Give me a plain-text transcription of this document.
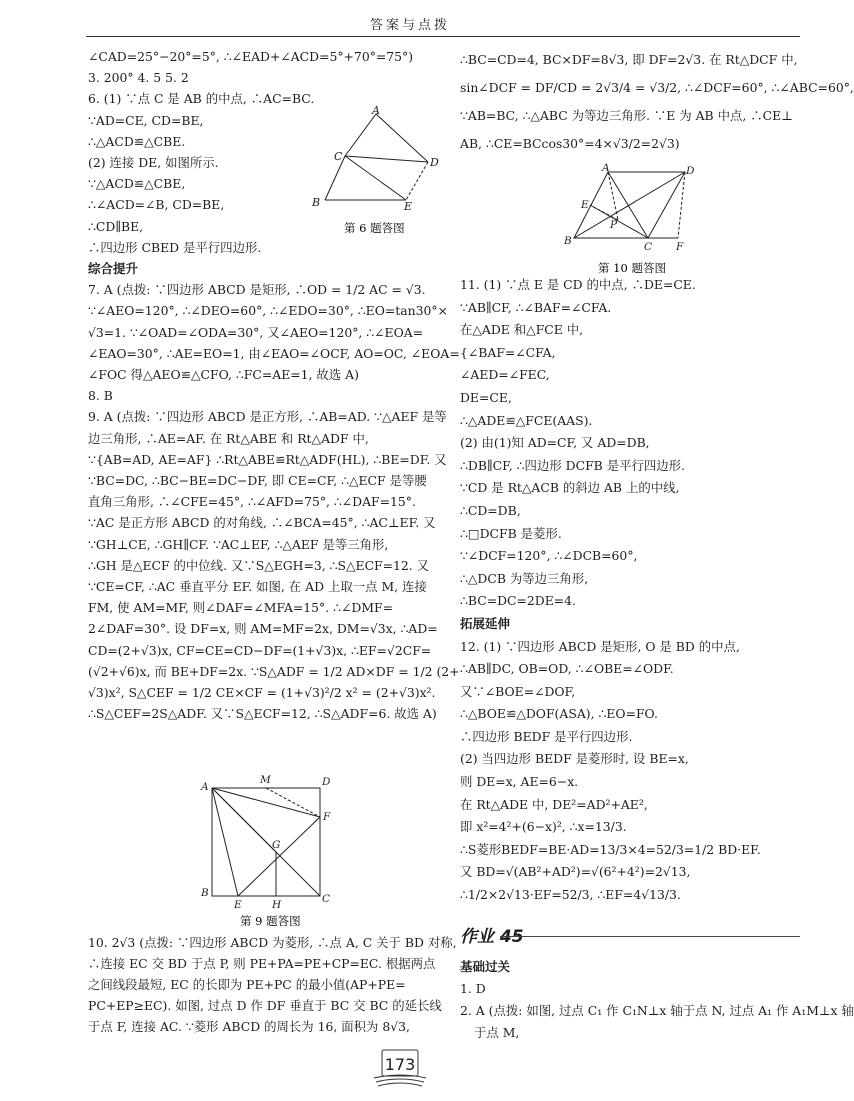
答案与点拨
∠CAD=25°−20°=5°, ∴∠EAD+∠ACD=5°+70°=75°)
3. 200° 4. 5 5. 2
6. (1) ∵点 C 是 AB 的中点, ∴AC=BC.
∵AD=CE, CD=BE,
∴△ACD≌△CBE.
(2) 连接 DE, 如图所示.
∵△ACD≌△CBE,
∴∠ACD=∠B, CD=BE,
∴CD∥BE,
∴四边形 CBED 是平行四边形.
综合提升
7. A (点拨: ∵四边形 ABCD 是矩形, ∴OD = 1/2 AC = √3.
∵∠AEO=120°, ∴∠DEO=60°, ∴∠EDO=30°, ∴EO=tan30°×
√3=1. ∵∠OAD=∠ODA=30°, 又∠AEO=120°, ∴∠EOA=
∠EAO=30°, ∴AE=EO=1, 由∠EAO=∠OCF, AO=OC, ∠EOA=
∠FOC 得△AEO≌△CFO, ∴FC=AE=1, 故选 A)
8. B
9. A (点拨: ∵四边形 ABCD 是正方形, ∴AB=AD. ∵△AEF 是等
边三角形, ∴AE=AF. 在 Rt△ABE 和 Rt△ADF 中,
∵{AB=AD, AE=AF} ∴Rt△ABE≌Rt△ADF(HL), ∴BE=DF. 又
∵BC=DC, ∴BC−BE=DC−DF, 即 CE=CF, ∴△ECF 是等腰
直角三角形, ∴∠CFE=45°, ∴∠AFD=75°, ∴∠DAF=15°.
∵AC 是正方形 ABCD 的对角线, ∴∠BCA=45°, ∴AC⊥EF. 又
∵GH⊥CE, ∴GH∥CF. ∵AC⊥EF, ∴△AEF 是等三角形,
∴GH 是△ECF 的中位线. 又∵S△EGH=3, ∴S△ECF=12. 又
∵CE=CF, ∴AC 垂直平分 EF. 如图, 在 AD 上取一点 M, 连接
FM, 使 AM=MF, 则∠DAF=∠MFA=15°. ∴∠DMF=
2∠DAF=30°. 设 DF=x, 则 AM=MF=2x, DM=√3x, ∴AD=
CD=(2+√3)x, CF=CE=CD−DF=(1+√3)x, ∴EF=√2CF=
(√2+√6)x, 而 BE+DF=2x. ∵S△ADF = 1/2 AD×DF = 1/2 (2+
√3)x², S△CEF = 1/2 CE×CF = (1+√3)²/2 x² = (2+√3)x².
∴S△CEF=2S△ADF. 又∵S△ECF=12, ∴S△ADF=6. 故选 A)
A
C	D
B	E
第 6 题答图
A
M	D
F
G
B
E	H	C
第 9 题答图
10. 2√3 (点拨: ∵四边形 ABCD 为菱形, ∴点 A, C 关于 BD 对称,
∴连接 EC 交 BD 于点 P, 则 PE+PA=PE+CP=EC. 根据两点
之间线段最短, EC 的长即为 PE+PC 的最小值(AP+PE=
PC+EP≥EC). 如图, 过点 D 作 DF 垂直于 BC 交 BC 的延长线
于点 F, 连接 AC. ∵菱形 ABCD 的周长为 16, 面积为 8√3,
∴BC=CD=4, BC×DF=8√3, 即 DF=2√3. 在 Rt△DCF 中,
sin∠DCF = DF/CD = 2√3/4 = √3/2, ∴∠DCF=60°, ∴∠ABC=60°,
∵AB=BC, ∴△ABC 为等边三角形. ∵E 为 AB 中点, ∴CE⊥
AB, ∴CE=BCcos30°=4×√3/2=2√3)
A	D
E
P
B	C F
第 10 题答图
11. (1) ∵点 E 是 CD 的中点, ∴DE=CE.
∵AB∥CF, ∴∠BAF=∠CFA.
在△ADE 和△FCE 中,
{∠BAF=∠CFA,
∠AED=∠FEC,
DE=CE,
∴△ADE≌△FCE(AAS).
(2) 由(1)知 AD=CF, 又 AD=DB,
∴DB∥CF, ∴四边形 DCFB 是平行四边形.
∵CD 是 Rt△ACB 的斜边 AB 上的中线,
∴CD=DB,
∴□DCFB 是菱形.
∵∠DCF=120°, ∴∠DCB=60°,
∴△DCB 为等边三角形,
∴BC=DC=2DE=4.
拓展延伸
12. (1) ∵四边形 ABCD 是矩形, O 是 BD 的中点,
∴AB∥DC, OB=OD, ∴∠OBE=∠ODF.
又∵∠BOE=∠DOF,
∴△BOE≌△DOF(ASA), ∴EO=FO.
∴四边形 BEDF 是平行四边形.
(2) 当四边形 BEDF 是菱形时, 设 BE=x,
则 DE=x, AE=6−x.
在 Rt△ADE 中, DE²=AD²+AE²,
即 x²=4²+(6−x)², ∴x=13/3.
∴S菱形BEDF=BE·AD=13/3×4=52/3=1/2 BD·EF.
又 BD=√(AB²+AD²)=√(6²+4²)=2√13,
∴1/2×2√13·EF=52/3, ∴EF=4√13/3.
作业 45
基础过关
1. D
2. A (点拨: 如图, 过点 C₁ 作 C₁N⊥x 轴于点 N, 过点 A₁ 作 A₁M⊥x 轴
于点 M,
173
